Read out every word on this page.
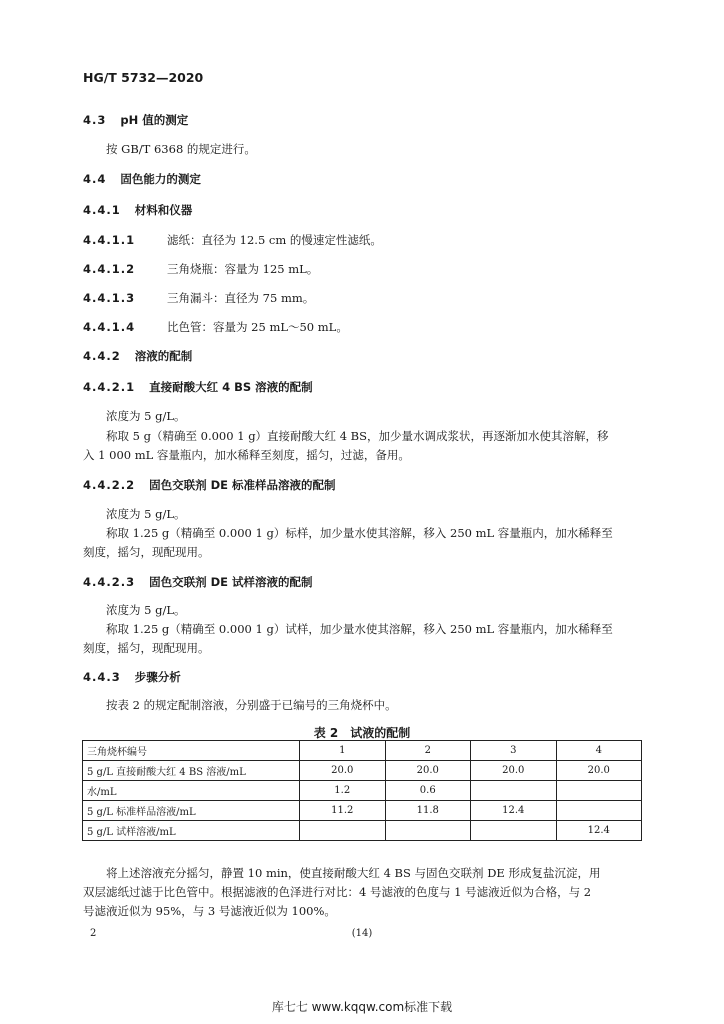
HG/T 5732—2020
4.3 pH 值的测定
按 GB/T 6368 的规定进行。
4.4 固色能力的测定
4.4.1 材料和仪器
4.4.1.1	滤纸：直径为 12.5 cm 的慢速定性滤纸。
4.4.1.2	三角烧瓶：容量为 125 mL。
4.4.1.3	三角漏斗：直径为 75 mm。
4.4.1.4	比色管：容量为 25 mL～50 mL。
4.4.2 溶液的配制
4.4.2.1 直接耐酸大红 4 BS 溶液的配制
浓度为 5 g/L。
称取 5 g（精确至 0.000 1 g）直接耐酸大红 4 BS，加少量水调成浆状，再逐渐加水使其溶解，移
入 1 000 mL 容量瓶内，加水稀释至刻度，摇匀，过滤，备用。
4.4.2.2 固色交联剂 DE 标准样品溶液的配制
浓度为 5 g/L。
称取 1.25 g（精确至 0.000 1 g）标样，加少量水使其溶解，移入 250 mL 容量瓶内，加水稀释至
刻度，摇匀，现配现用。
4.4.2.3 固色交联剂 DE 试样溶液的配制
浓度为 5 g/L。
称取 1.25 g（精确至 0.000 1 g）试样，加少量水使其溶解，移入 250 mL 容量瓶内，加水稀释至
刻度，摇匀，现配现用。
4.4.3 步骤分析
按表 2 的规定配制溶液，分别盛于已编号的三角烧杯中。
表 2　试液的配制
三角烧杯编号	1	2	3	4
5 g/L 直接耐酸大红 4 BS 溶液/mL	20.0	20.0	20.0	20.0
水/mL	1.2	0.6		
5 g/L 标准样品溶液/mL	11.2	11.8	12.4	
5 g/L 试样溶液/mL				12.4
将上述溶液充分摇匀，静置 10 min，使直接耐酸大红 4 BS 与固色交联剂 DE 形成复盐沉淀，用
双层滤纸过滤于比色管中。根据滤液的色泽进行对比：4 号滤液的色度与 1 号滤液近似为合格，与 2
号滤液近似为 95%，与 3 号滤液近似为 100%。
2	(14)
库七七 www.kqqw.com标准下载
